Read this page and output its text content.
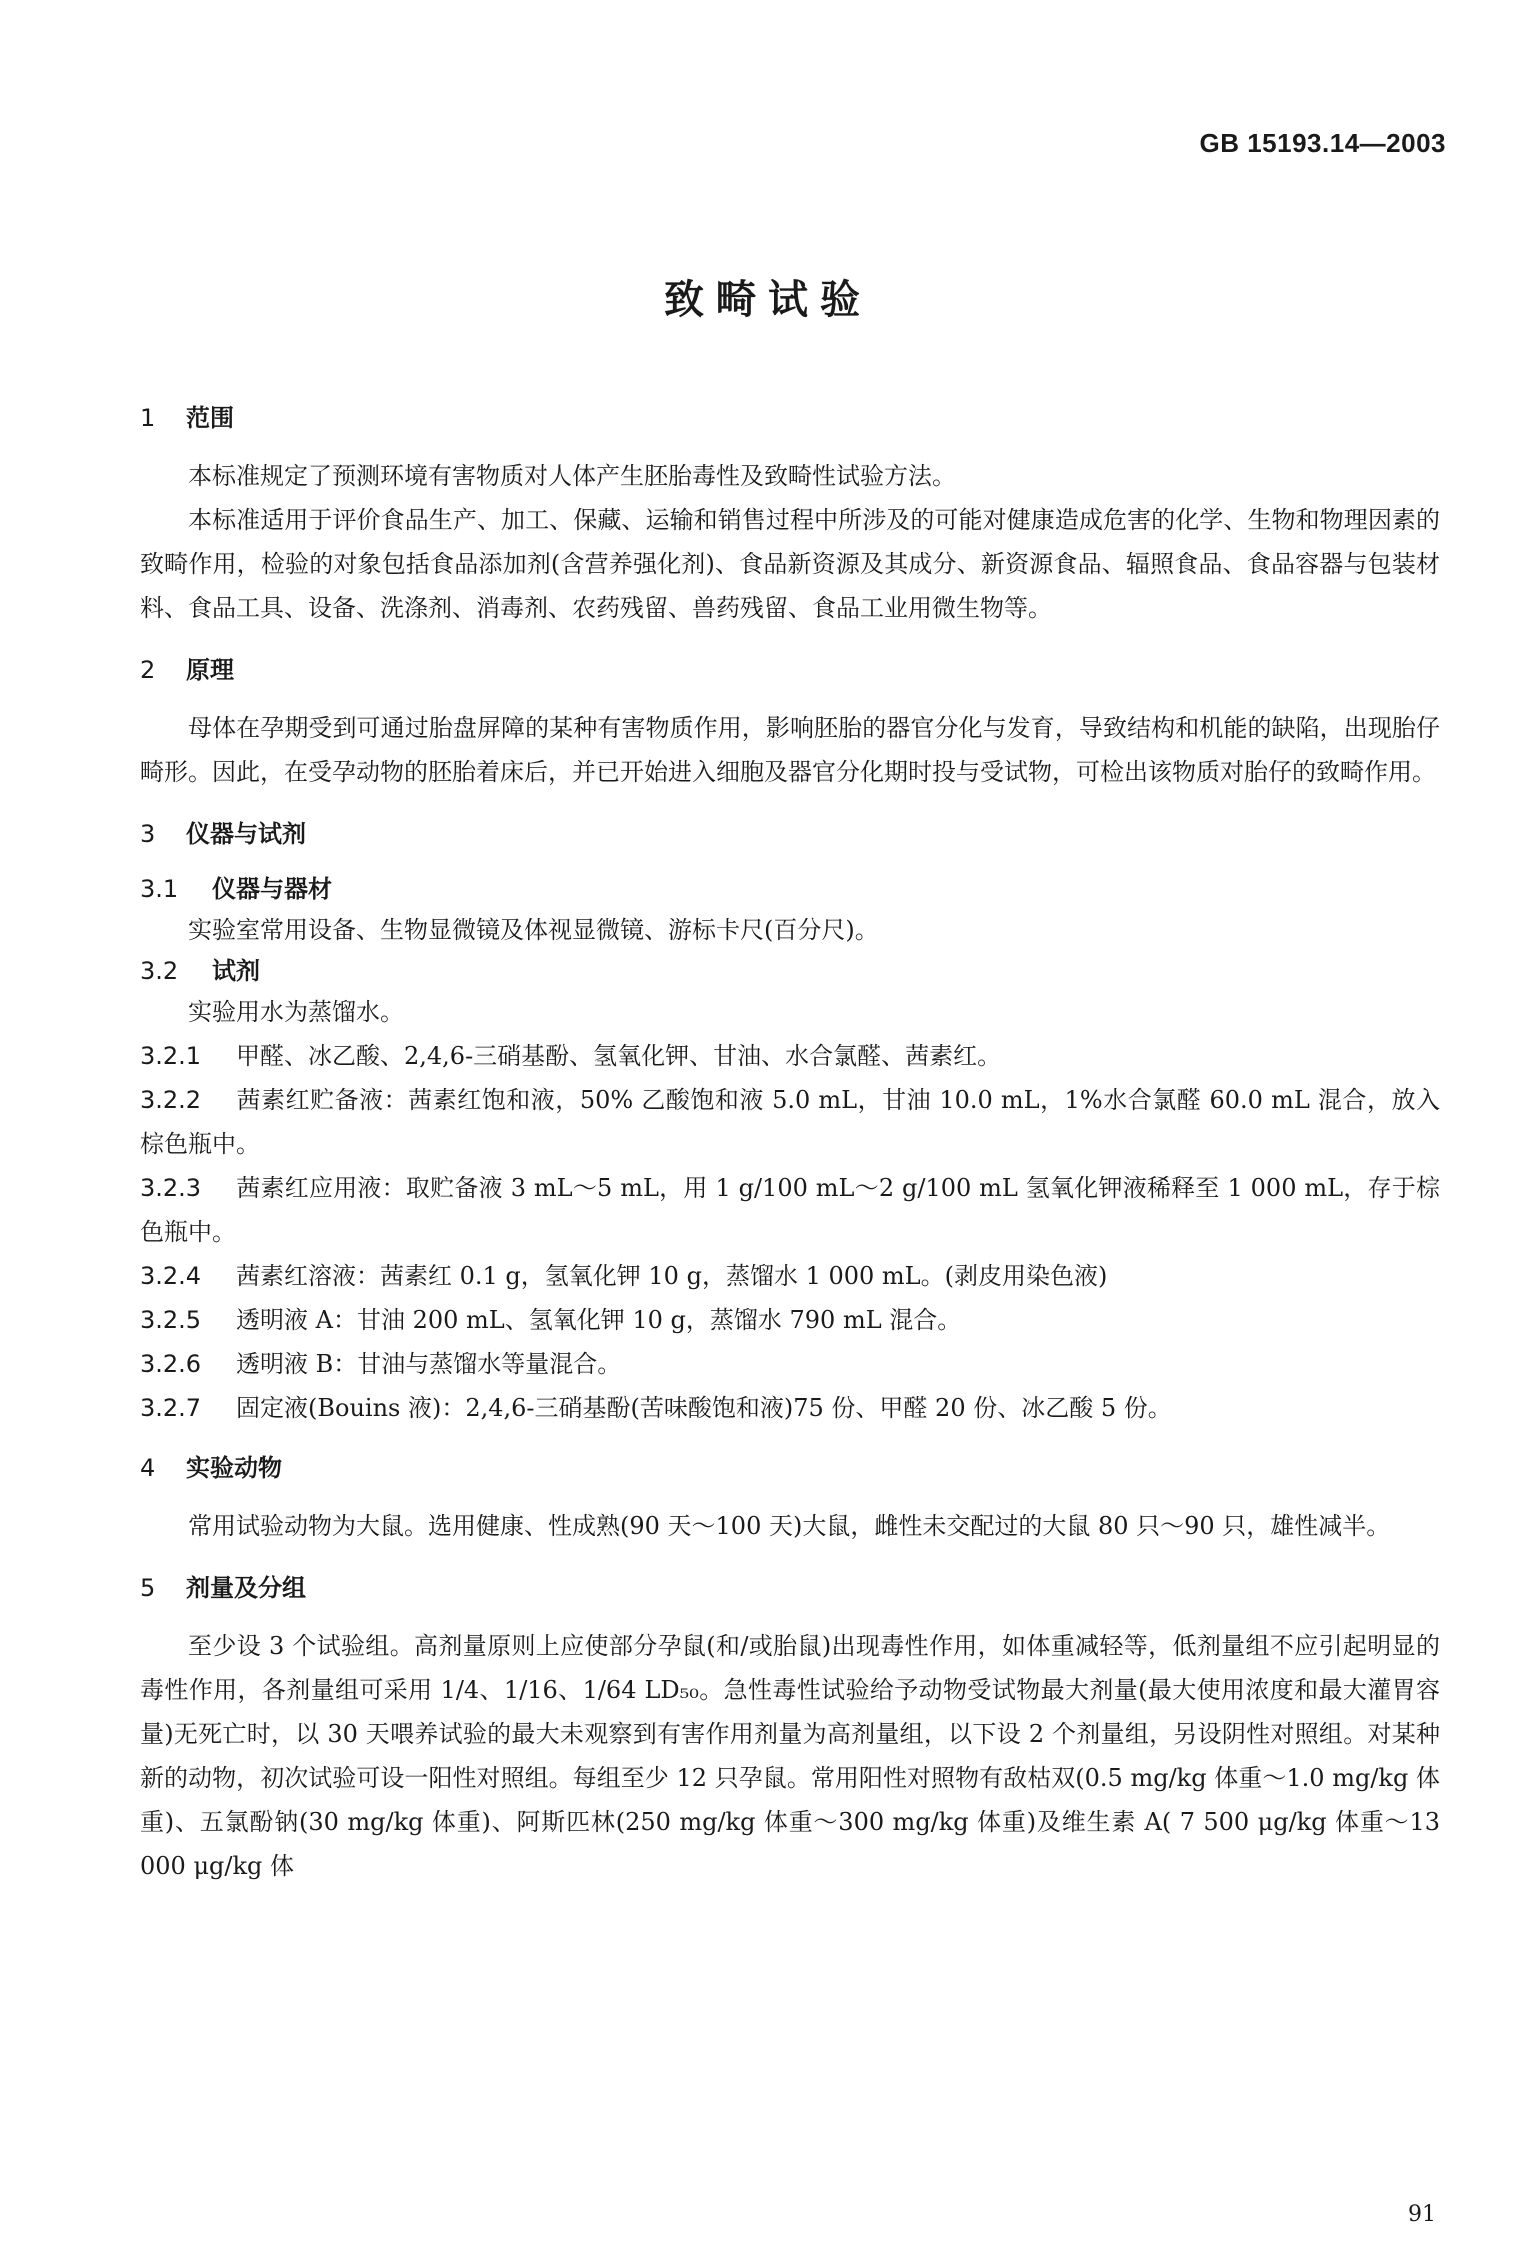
GB 15193.14—2003
致畸试验
1 范围

本标准规定了预测环境有害物质对人体产生胚胎毒性及致畸性试验方法。

本标准适用于评价食品生产、加工、保藏、运输和销售过程中所涉及的可能对健康造成危害的化学、生物和物理因素的致畸作用，检验的对象包括食品添加剂(含营养强化剂)、食品新资源及其成分、新资源食品、辐照食品、食品容器与包装材料、食品工具、设备、洗涤剂、消毒剂、农药残留、兽药残留、食品工业用微生物等。

2 原理

母体在孕期受到可通过胎盘屏障的某种有害物质作用，影响胚胎的器官分化与发育，导致结构和机能的缺陷，出现胎仔畸形。因此，在受孕动物的胚胎着床后，并已开始进入细胞及器官分化期时投与受试物，可检出该物质对胎仔的致畸作用。

3 仪器与试剂
3.1 仪器与器材

实验室常用设备、生物显微镜及体视显微镜、游标卡尺(百分尺)。

3.2 试剂

实验用水为蒸馏水。

3.2.1 甲醛、冰乙酸、2,4,6-三硝基酚、氢氧化钾、甘油、水合氯醛、茜素红。

3.2.2 茜素红贮备液：茜素红饱和液，50% 乙酸饱和液 5.0 mL，甘油 10.0 mL，1%水合氯醛 60.0 mL 混合，放入棕色瓶中。

3.2.3 茜素红应用液：取贮备液 3 mL～5 mL，用 1 g/100 mL～2 g/100 mL 氢氧化钾液稀释至 1 000 mL，存于棕色瓶中。

3.2.4 茜素红溶液：茜素红 0.1 g，氢氧化钾 10 g，蒸馏水 1 000 mL。(剥皮用染色液)

3.2.5 透明液 A：甘油 200 mL、氢氧化钾 10 g，蒸馏水 790 mL 混合。

3.2.6 透明液 B：甘油与蒸馏水等量混合。

3.2.7 固定液(Bouins 液)：2,4,6-三硝基酚(苦味酸饱和液)75 份、甲醛 20 份、冰乙酸 5 份。

4 实验动物

常用试验动物为大鼠。选用健康、性成熟(90 天～100 天)大鼠，雌性未交配过的大鼠 80 只～90 只，雄性减半。

5 剂量及分组

至少设 3 个试验组。高剂量原则上应使部分孕鼠(和/或胎鼠)出现毒性作用，如体重减轻等，低剂量组不应引起明显的毒性作用，各剂量组可采用 1/4、1/16、1/64 LD₅₀。急性毒性试验给予动物受试物最大剂量(最大使用浓度和最大灌胃容量)无死亡时，以 30 天喂养试验的最大未观察到有害作用剂量为高剂量组，以下设 2 个剂量组，另设阴性对照组。对某种新的动物，初次试验可设一阳性对照组。每组至少 12 只孕鼠。常用阳性对照物有敌枯双(0.5 mg/kg 体重～1.0 mg/kg 体重)、五氯酚钠(30 mg/kg 体重)、阿斯匹林(250 mg/kg 体重～300 mg/kg 体重)及维生素 A( 7 500 μg/kg 体重～13 000 μg/kg 体

91
